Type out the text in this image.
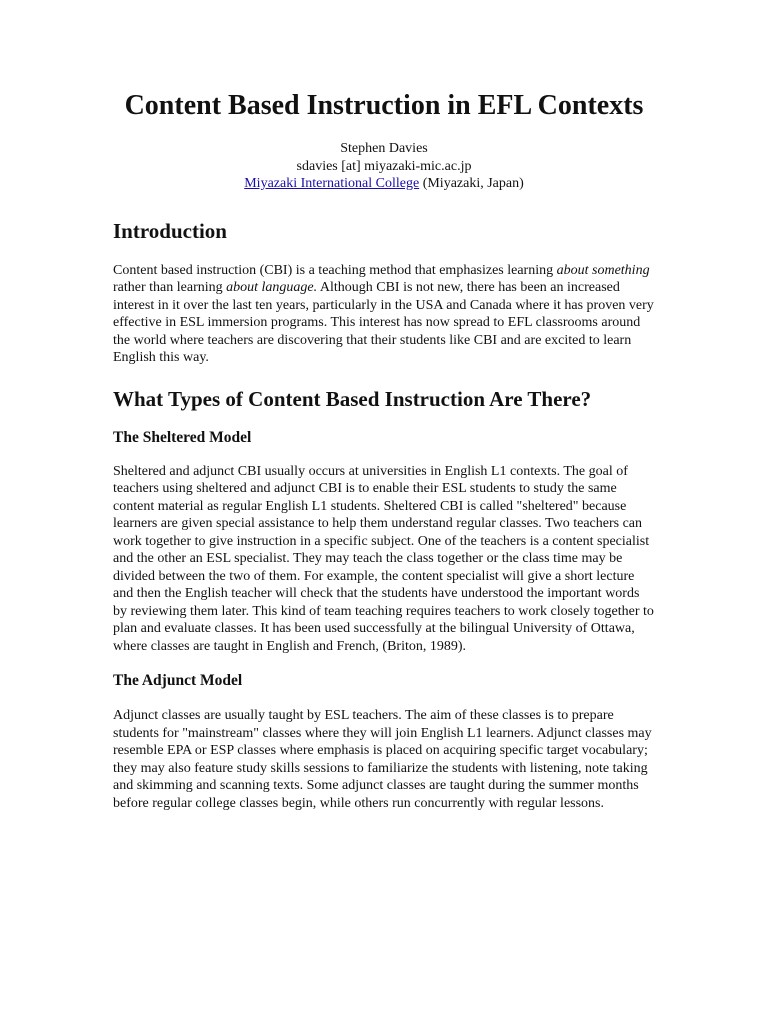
Content Based Instruction in EFL Contexts
Stephen Davies
sdavies [at] miyazaki-mic.ac.jp
Miyazaki International College (Miyazaki, Japan)
Introduction

Content based instruction (CBI) is a teaching method that emphasizes learning about something rather than learning about language. Although CBI is not new, there has been an increased interest in it over the last ten years, particularly in the USA and Canada where it has proven very effective in ESL immersion programs. This interest has now spread to EFL classrooms around the world where teachers are discovering that their students like CBI and are excited to learn English this way.

What Types of Content Based Instruction Are There?
The Sheltered Model

Sheltered and adjunct CBI usually occurs at universities in English L1 contexts. The goal of teachers using sheltered and adjunct CBI is to enable their ESL students to study the same content material as regular English L1 students. Sheltered CBI is called "sheltered" because learners are given special assistance to help them understand regular classes. Two teachers can work together to give instruction in a specific subject. One of the teachers is a content specialist and the other an ESL specialist. They may teach the class together or the class time may be divided between the two of them. For example, the content specialist will give a short lecture and then the English teacher will check that the students have understood the important words by reviewing them later. This kind of team teaching requires teachers to work closely together to plan and evaluate classes. It has been used successfully at the bilingual University of Ottawa, where classes are taught in English and French, (Briton, 1989).

The Adjunct Model

Adjunct classes are usually taught by ESL teachers. The aim of these classes is to prepare students for "mainstream" classes where they will join English L1 learners. Adjunct classes may resemble EPA or ESP classes where emphasis is placed on acquiring specific target vocabulary; they may also feature study skills sessions to familiarize the students with listening, note taking and skimming and scanning texts. Some adjunct classes are taught during the summer months before regular college classes begin, while others run concurrently with regular lessons.
